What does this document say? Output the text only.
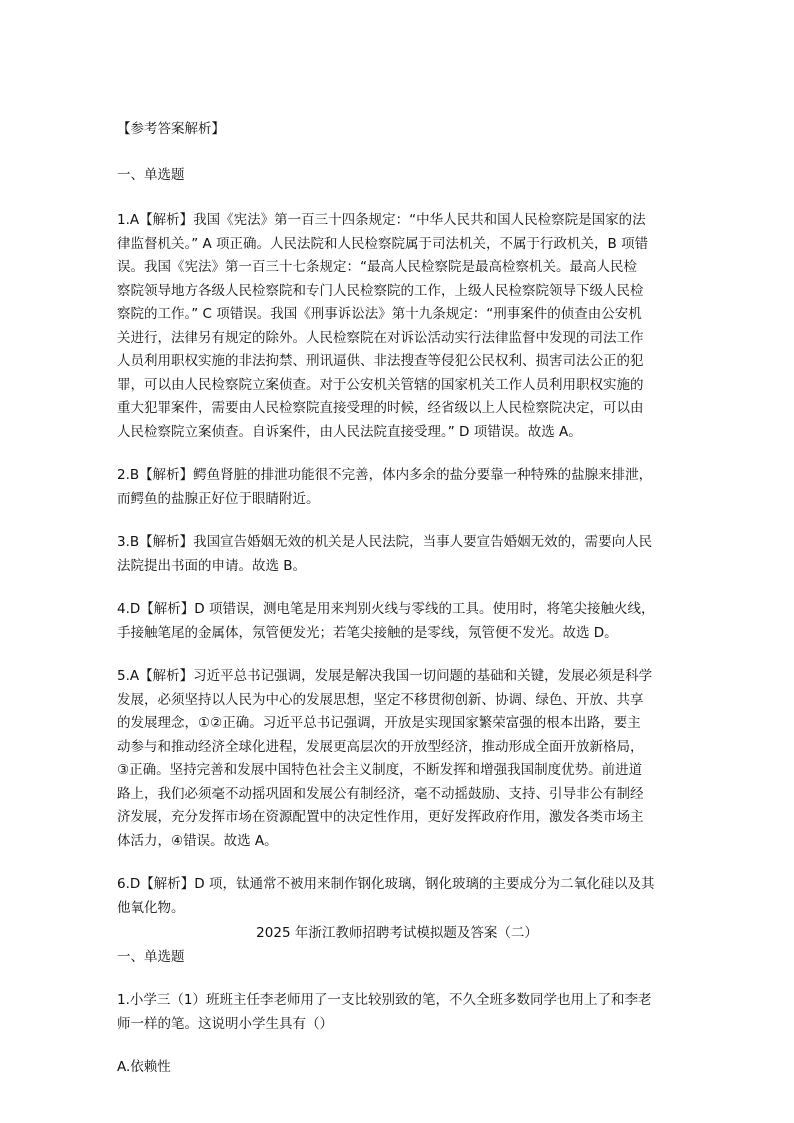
【参考答案解析】

一、单选题

1.A【解析】我国《宪法》第一百三十四条规定：“中华人民共和国人民检察院是国家的法
律监督机关。” A 项正确。人民法院和人民检察院属于司法机关，不属于行政机关，B 项错
误。我国《宪法》第一百三十七条规定：“最高人民检察院是最高检察机关。最高人民检
察院领导地方各级人民检察院和专门人民检察院的工作，上级人民检察院领导下级人民检
察院的工作。” C 项错误。我国《刑事诉讼法》第十九条规定：“刑事案件的侦查由公安机
关进行，法律另有规定的除外。人民检察院在对诉讼活动实行法律监督中发现的司法工作
人员利用职权实施的非法拘禁、刑讯逼供、非法搜查等侵犯公民权利、损害司法公正的犯
罪，可以由人民检察院立案侦查。对于公安机关管辖的国家机关工作人员利用职权实施的
重大犯罪案件，需要由人民检察院直接受理的时候，经省级以上人民检察院决定，可以由
人民检察院立案侦查。自诉案件，由人民法院直接受理。” D 项错误。故选 A。
2.B【解析】鳄鱼肾脏的排泄功能很不完善，体内多余的盐分要靠一种特殊的盐腺来排泄，
而鳄鱼的盐腺正好位于眼睛附近。
3.B【解析】我国宣告婚姻无效的机关是人民法院，当事人要宣告婚姻无效的，需要向人民
法院提出书面的申请。故选 B。
4.D【解析】D 项错误，测电笔是用来判别火线与零线的工具。使用时，将笔尖接触火线，
手接触笔尾的金属体，氖管便发光；若笔尖接触的是零线，氖管便不发光。故选 D。
5.A【解析】习近平总书记强调，发展是解决我国一切问题的基础和关键，发展必须是科学
发展，必须坚持以人民为中心的发展思想，坚定不移贯彻创新、协调、绿色、开放、共享
的发展理念，①②正确。习近平总书记强调，开放是实现国家繁荣富强的根本出路，要主
动参与和推动经济全球化进程，发展更高层次的开放型经济，推动形成全面开放新格局，
③正确。坚持完善和发展中国特色社会主义制度，不断发挥和增强我国制度优势。前进道
路上，我们必须毫不动摇巩固和发展公有制经济，毫不动摇鼓励、支持、引导非公有制经
济发展，充分发挥市场在资源配置中的决定性作用，更好发挥政府作用，激发各类市场主
体活力，④错误。故选 A。
6.D【解析】D 项，钛通常不被用来制作钢化玻璃，钢化玻璃的主要成分为二氧化硅以及其
他氧化物。

2025 年浙江教师招聘考试模拟题及答案（二）

一、单选题

1.小学三（1）班班主任李老师用了一支比较别致的笔，不久全班多数同学也用上了和李老
师一样的笔。这说明小学生具有（）

A.依赖性
